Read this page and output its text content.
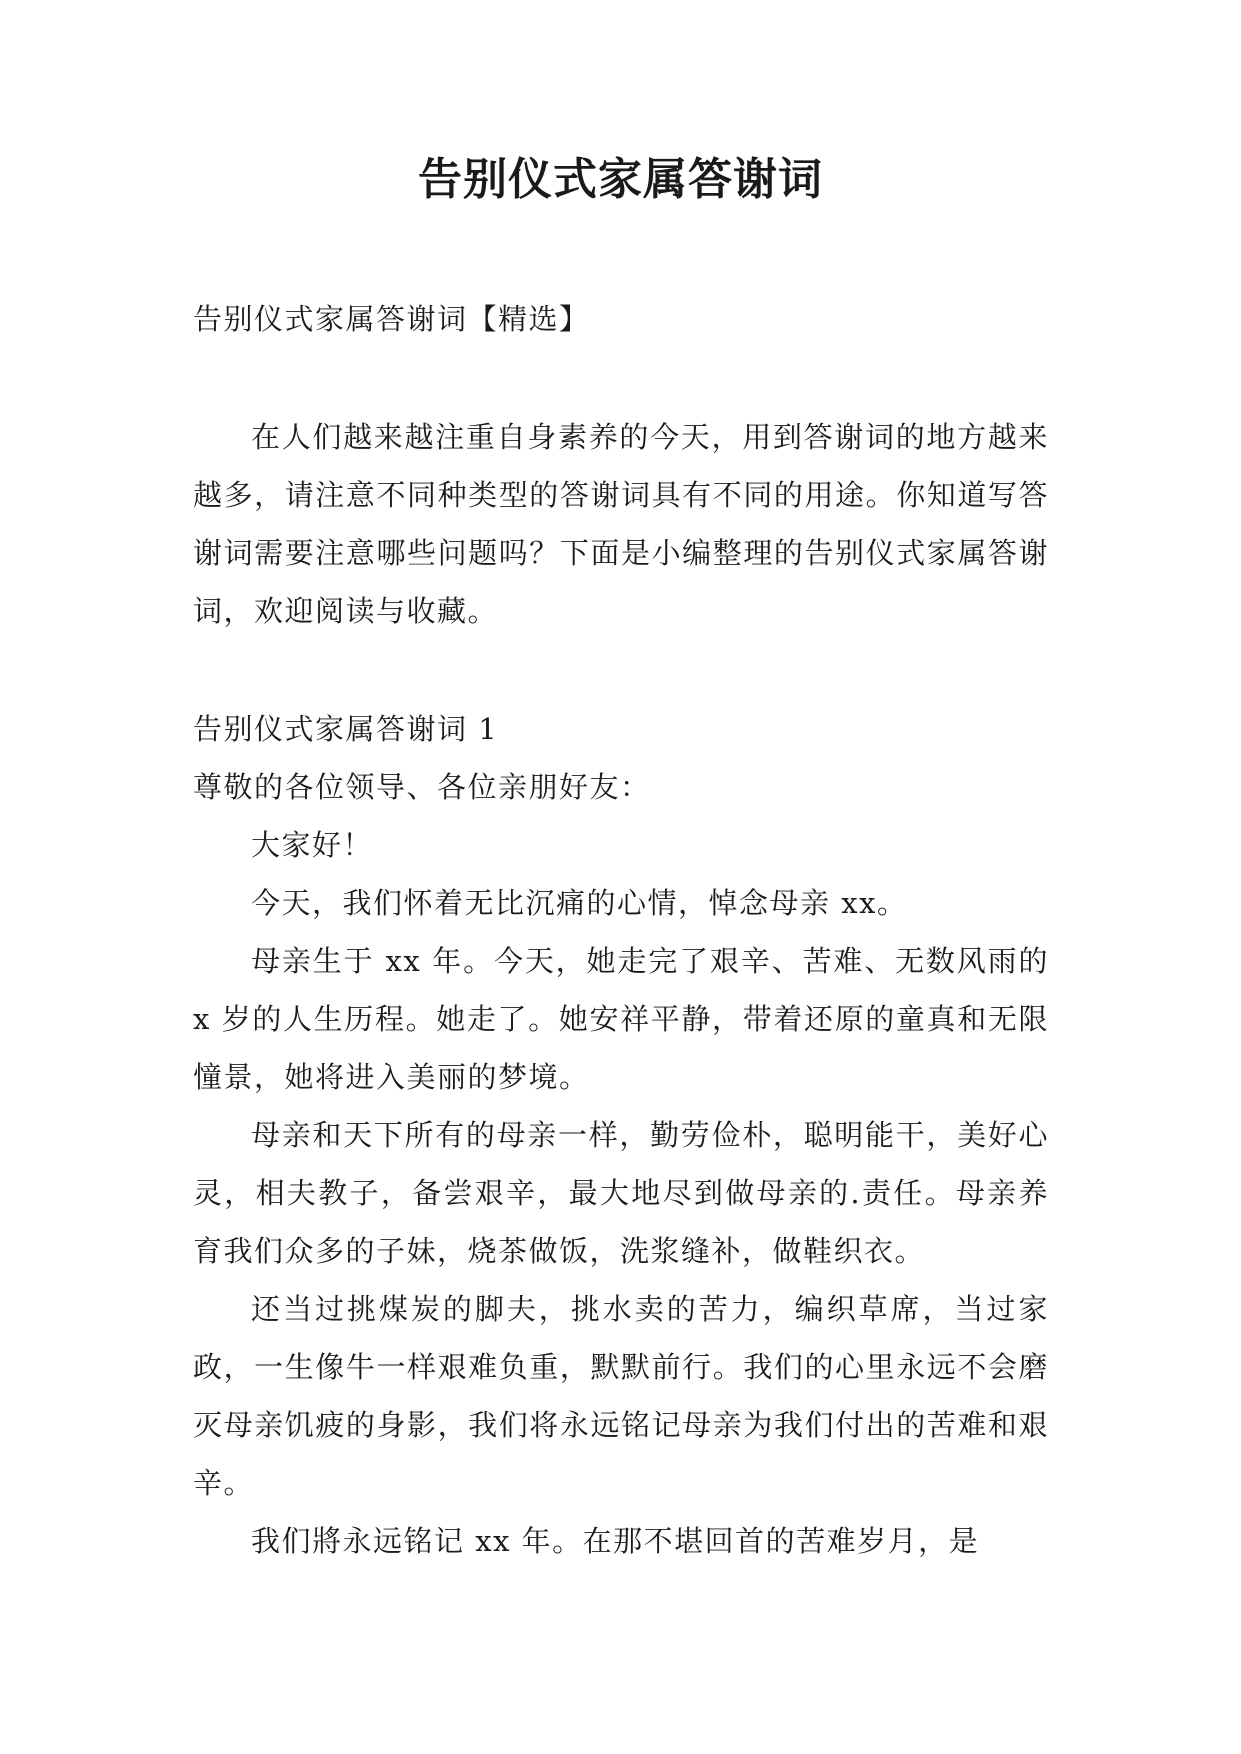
告别仪式家属答谢词

告别仪式家属答谢词【精选】

在人们越来越注重自身素养的今天，用到答谢词的地方越来越多，请注意不同种类型的答谢词具有不同的用途。你知道写答谢词需要注意哪些问题吗？下面是小编整理的告别仪式家属答谢词，欢迎阅读与收藏。

告别仪式家属答谢词 1

尊敬的各位领导、各位亲朋好友：

大家好！

今天，我们怀着无比沉痛的心情，悼念母亲 xx。

母亲生于 xx 年。今天，她走完了艰辛、苦难、无数风雨的 x 岁的人生历程。她走了。她安祥平静，带着还原的童真和无限憧景，她将进入美丽的梦境。

母亲和天下所有的母亲一样，勤劳俭朴，聪明能干，美好心灵，相夫教子，备尝艰辛，最大地尽到做母亲的.责任。母亲养育我们众多的子妹，烧茶做饭，洗浆缝补，做鞋织衣。

还当过挑煤炭的脚夫，挑水卖的苦力，编织草席，当过家政，一生像牛一样艰难负重，默默前行。我们的心里永远不会磨灭母亲饥疲的身影，我们将永远铭记母亲为我们付出的苦难和艰辛。

我们將永远铭记 xx 年。在那不堪回首的苦难岁月，是
